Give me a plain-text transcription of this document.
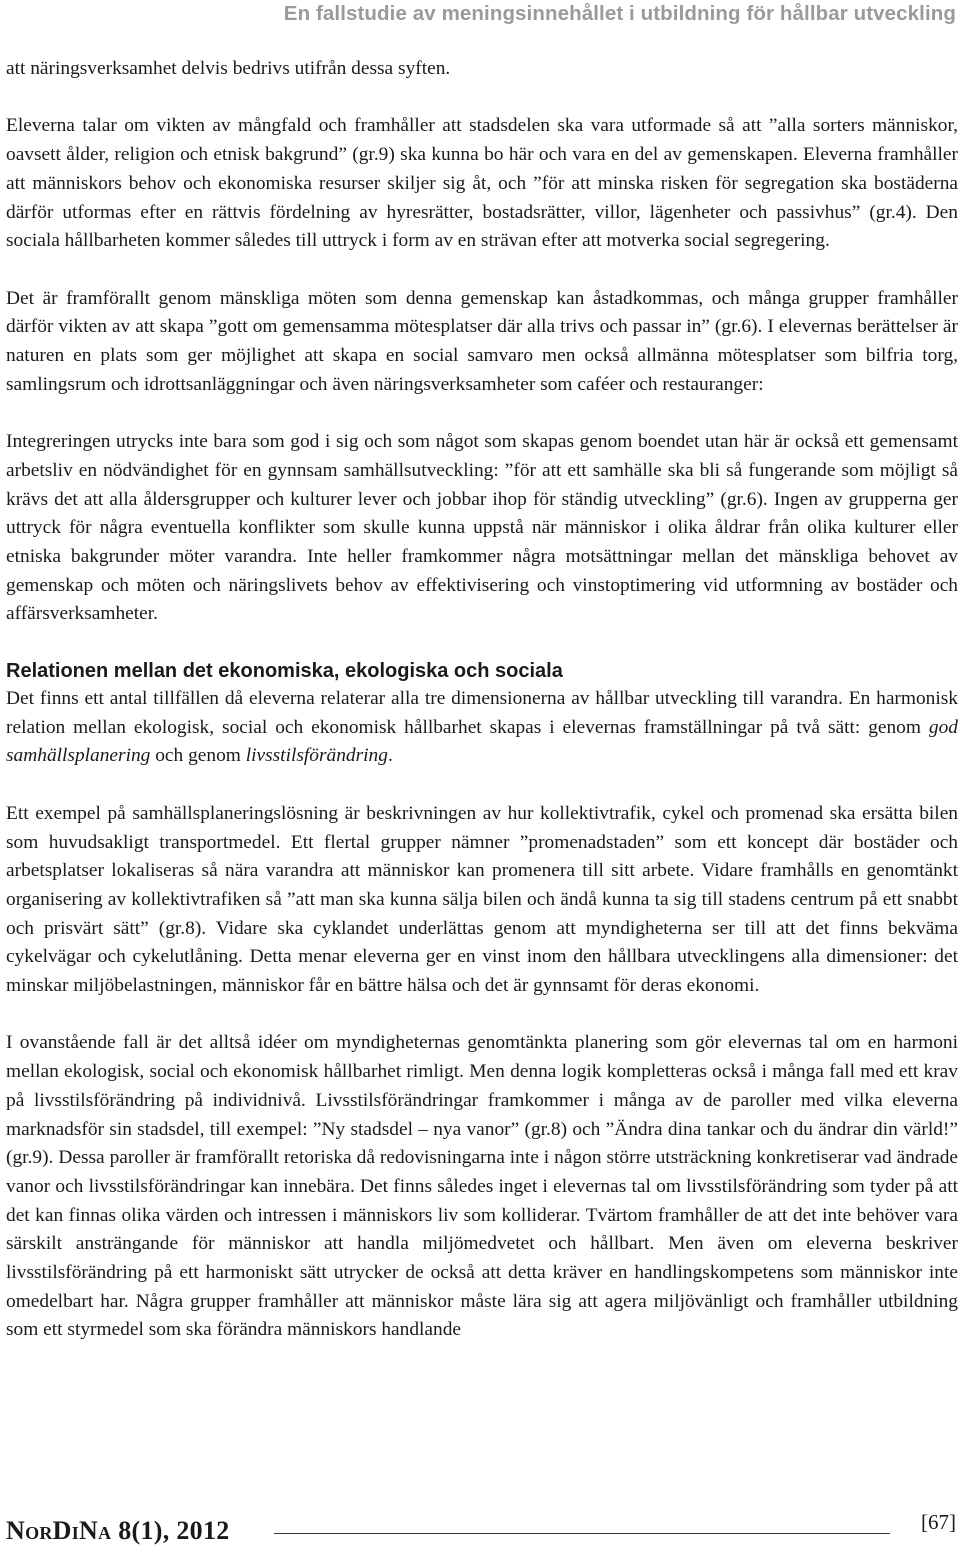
En fallstudie av meningsinnehållet i utbildning för hållbar utveckling

att näringsverksamhet delvis bedrivs utifrån dessa syften.

Eleverna talar om vikten av mångfald och framhåller att stadsdelen ska vara utformade så att ”alla sorters människor, oavsett ålder, religion och etnisk bakgrund” (gr.9) ska kunna bo här och vara en del av gemenskapen. Eleverna framhåller att människors behov och ekonomiska resurser skiljer sig åt, och ”för att minska risken för segregation ska bostäderna därför utformas efter en rättvis fördelning av hyresrätter, bostadsrätter, villor, lägenheter och passivhus” (gr.4). Den sociala hållbarheten kommer således till uttryck i form av en strävan efter att motverka social segregering.

Det är framförallt genom mänskliga möten som denna gemenskap kan åstadkommas, och många grupper framhåller därför vikten av att skapa ”gott om gemensamma mötesplatser där alla trivs och passar in” (gr.6). I elevernas berättelser är naturen en plats som ger möjlighet att skapa en social samvaro men också allmänna mötesplatser som bilfria torg, samlingsrum och idrottsanläggningar och även näringsverksamheter som caféer och restauranger:

Integreringen utrycks inte bara som god i sig och som något som skapas genom boendet utan här är också ett gemensamt arbetsliv en nödvändighet för en gynnsam samhällsutveckling: ”för att ett samhälle ska bli så fungerande som möjligt så krävs det att alla åldersgrupper och kulturer lever och jobbar ihop för ständig utveckling” (gr.6). Ingen av grupperna ger uttryck för några eventuella konflikter som skulle kunna uppstå när människor i olika åldrar från olika kulturer eller etniska bakgrunder möter varandra. Inte heller framkommer några motsättningar mellan det mänskliga behovet av gemenskap och möten och näringslivets behov av effektivisering och vinstoptimering vid utformning av bostäder och affärsverksamheter.

Relationen mellan det ekonomiska, ekologiska och sociala

Det finns ett antal tillfällen då eleverna relaterar alla tre dimensionerna av hållbar utveckling till varandra. En harmonisk relation mellan ekologisk, social och ekonomisk hållbarhet skapas i elevernas framställningar på två sätt: genom god samhällsplanering och genom livsstilsförändring.

Ett exempel på samhällsplaneringslösning är beskrivningen av hur kollektivtrafik, cykel och promenad ska ersätta bilen som huvudsakligt transportmedel. Ett flertal grupper nämner ”promenadstaden” som ett koncept där bostäder och arbetsplatser lokaliseras så nära varandra att människor kan promenera till sitt arbete. Vidare framhålls en genomtänkt organisering av kollektivtrafiken så ”att man ska kunna sälja bilen och ändå kunna ta sig till stadens centrum på ett snabbt och prisvärt sätt” (gr.8). Vidare ska cyklandet underlättas genom att myndigheterna ser till att det finns bekväma cykelvägar och cykelutlåning. Detta menar eleverna ger en vinst inom den hållbara utvecklingens alla dimensioner: det minskar miljöbelastningen, människor får en bättre hälsa och det är gynnsamt för deras ekonomi.

I ovanstående fall är det alltså idéer om myndigheternas genomtänkta planering som gör elevernas tal om en harmoni mellan ekologisk, social och ekonomisk hållbarhet rimligt. Men denna logik kompletteras också i många fall med ett krav på livsstilsförändring på individnivå. Livsstilsförändringar framkommer i många av de paroller med vilka eleverna marknadsför sin stadsdel, till exempel: ”Ny stadsdel – nya vanor” (gr.8) och ”Ändra dina tankar och du ändrar din värld!” (gr.9). Dessa paroller är framförallt retoriska då redovisningarna inte i någon större utsträckning konkretiserar vad ändrade vanor och livsstilsförändringar kan innebära. Det finns således inget i elevernas tal om livsstilsförändring som tyder på att det kan finnas olika värden och intressen i människors liv som kolliderar. Tvärtom framhåller de att det inte behöver vara särskilt ansträngande för människor att handla miljömedvetet och hållbart. Men även om eleverna beskriver livsstilsförändring på ett harmoniskt sätt utrycker de också att detta kräver en handlingskompetens som människor inte omedelbart har. Några grupper framhåller att människor måste lära sig att agera miljövänligt och framhåller utbildning som ett styrmedel som ska förändra människors handlande

NorDiNa 8(1), 2012	[67]
